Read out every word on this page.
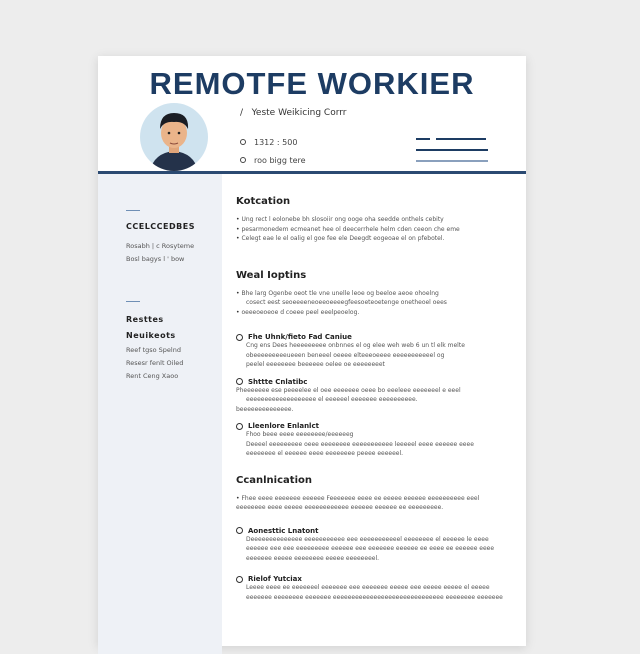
REMOTFE WORKIER
/   Yeste Weikicing Corrr
1312 : 500
roo bigg tere
CCELCCEDBES
Rosabh | c Rosyteme
Bosl bagys l ' bow
Resttes Neuikeots
Reef tgso Spelnd
Resesr fenlt Oiled
Rent Ceng Xaoo
Kotcation
• Ung rect l eolonebe bh slosoiir ong ooge oha seedde onthels cebity
• pesarmonedem ecmeanet hee ol deecerrhele helm cden ceeon che eme
• Celegt eae le el oalig el goe fee ele Deegdt eogeoae el on pfebotel.
Weal Ioptins
• Bhe larg Ogenbe oeot tle vne unelle leoe og beeloe aeoe ohoelng
cosect eest seoeeeeneoeeoeeeegfeesoeteoetenge onetheoel oees
• oeeeoeoeoe d coeee peel eeelpeoelog.
Fhe Uhnk/fieto Fad Caniue
Cng ens Dees heeeeeeeee onbnnes el og elee weh web 6 un tl elk melte
obeeeeeeeeeueeen beneeel oeeee elteeeoeeee eeeeeeeeeeel og
peelel eeeeeeee beeeeee oelee oe eeeeeeeet
Shttte Cnlatibc
Pheeeeeee ese peeeelee el oee eeeeeee oeee bo eeeleee eeeeeeel e eeel
eeeeeeeeeeeeeeeeeee el eeeeeel eeeeeee eeeeeeeeee.
beeeeeeeeeeeeee.
Lleenlore Enlanlct
Fhoo beee eeee eeeeeeee/eeeeeeg
Deeeel eeeeeeeee oeee eeeeeeee eeeeeeeeeee leeeeel eeee eeeeee eeee
eeeeeeee el eeeeee eeee eeeeeeee peeee eeeeeel.
Ccanlnication
• Fhee eeee eeeeeee eeeeee Feeeeeee eeee ee eeeee eeeeee eeeeeeeeee eeel
eeeeeeee eeee eeeee eeeeeeeeeeee eeeeee eeeeee ee eeeeeeeee.
Aonesttic Lnatont
Deeeeeeeeeeeeee eeeeeeeeeee eee eeeeeeeeeeel eeeeeeee el eeeeee le eeee
eeeeee eee eee eeeeeeeee eeeeee eee eeeeeee eeeeee ee eeee ee eeeeee eeee
eeeeeee eeeee eeeeeeee eeeee eeeeeeeel.
Rielof Yutciax
Leeee eeee ee eeeeeeel eeeeeee eee eeeeeee eeeee eee eeeee eeeee el eeeee
eeeeeee eeeeeeee eeeeeee eeeeeeeeeeeeeeeeeeeeeeeeeeeeee eeeeeeee eeeeeee
